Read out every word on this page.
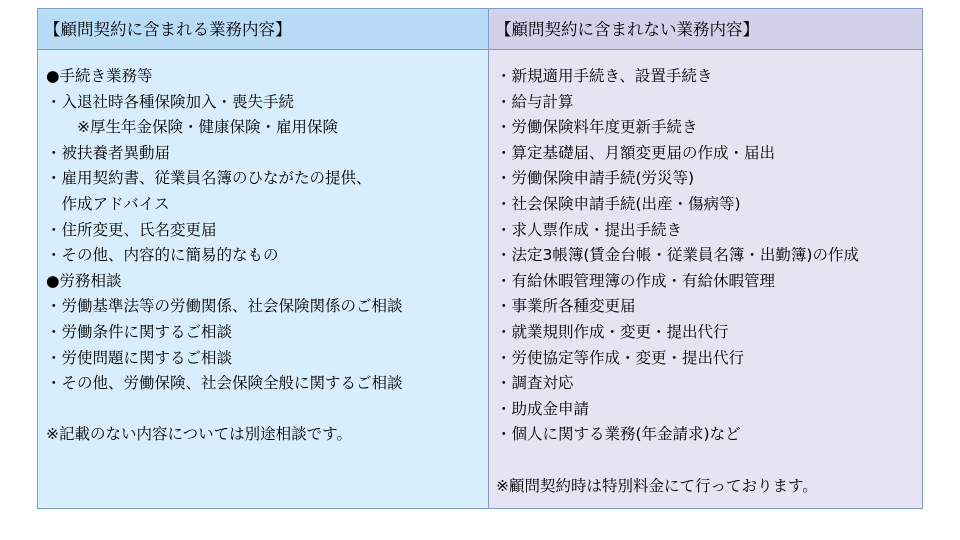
【顧問契約に含まれる業務内容】	【顧問契約に含まれない業務内容】
●手続き業務等
・入退社時各種保険加入・喪失手続
　　※厚生年金保険・健康保険・雇用保険
・被扶養者異動届
・雇用契約書、従業員名簿のひながたの提供、
　作成アドバイス
・住所変更、氏名変更届
・その他、内容的に簡易的なもの
●労務相談
・労働基準法等の労働関係、社会保険関係のご相談
・労働条件に関するご相談
・労使問題に関するご相談
・その他、労働保険、社会保険全般に関するご相談
※記載のない内容については別途相談です。
・新規適用手続き、設置手続き
・給与計算
・労働保険料年度更新手続き
・算定基礎届、月額変更届の作成・届出
・労働保険申請手続(労災等)
・社会保険申請手続(出産・傷病等)
・求人票作成・提出手続き
・法定3帳簿(賃金台帳・従業員名簿・出勤簿)の作成
・有給休暇管理簿の作成・有給休暇管理
・事業所各種変更届
・就業規則作成・変更・提出代行
・労使協定等作成・変更・提出代行
・調査対応
・助成金申請
・個人に関する業務(年金請求)など
※顧問契約時は特別料金にて行っております。
